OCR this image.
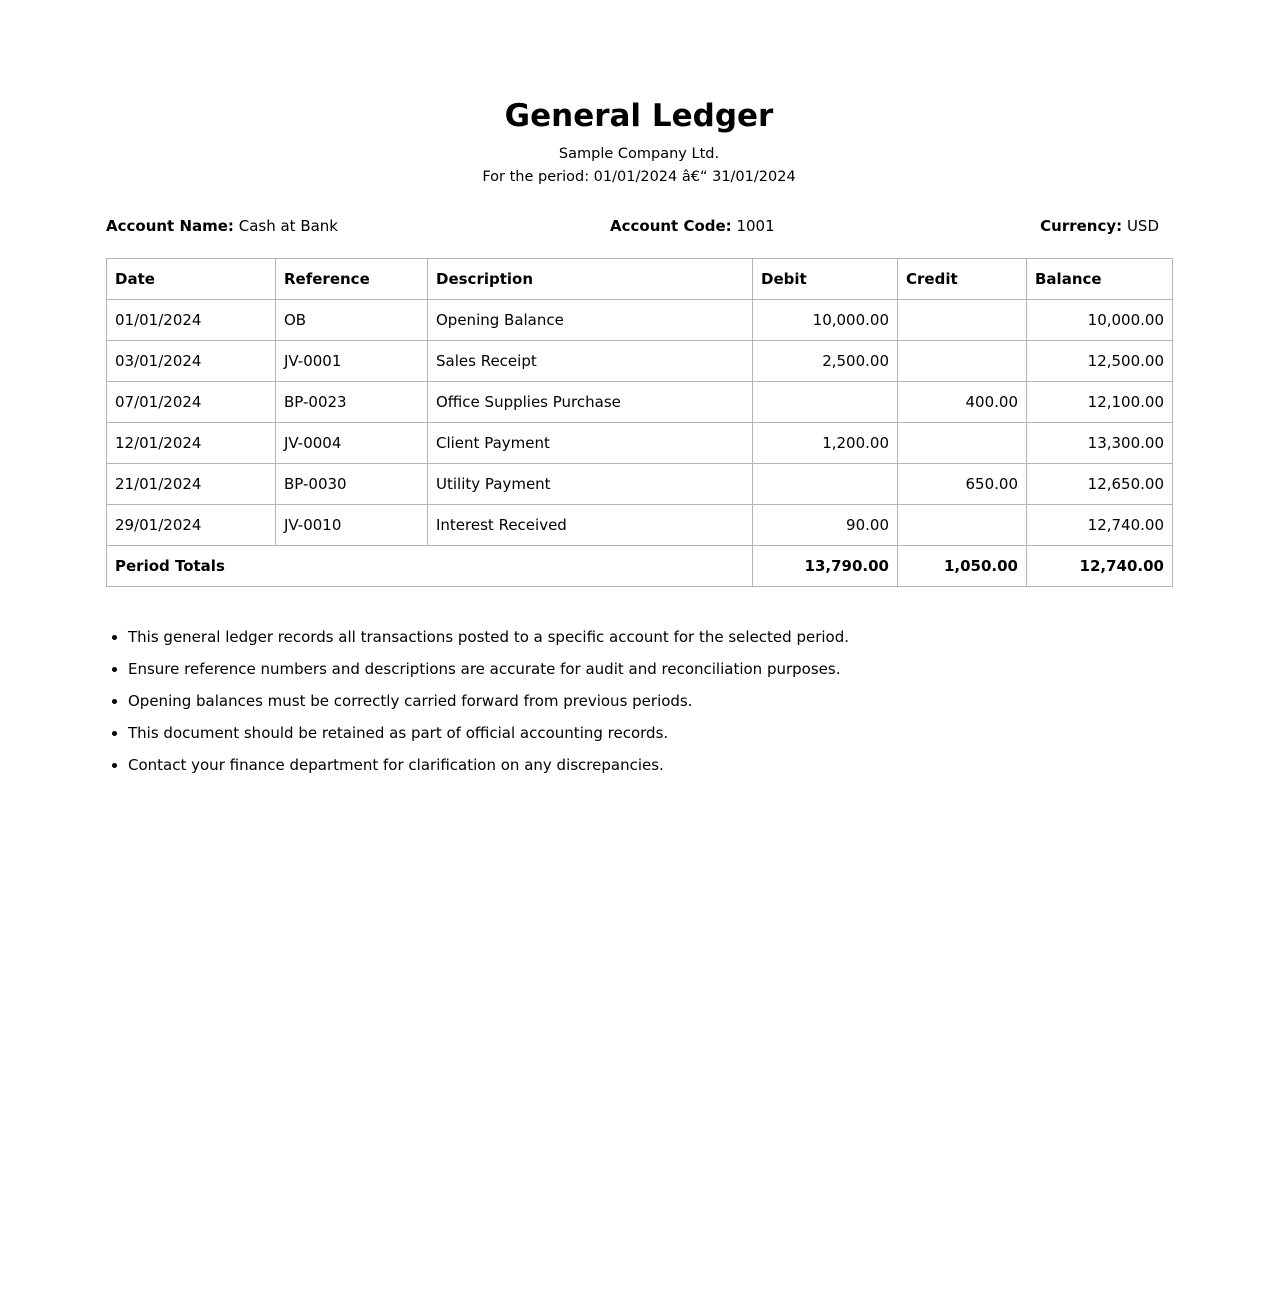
General Ledger
Sample Company Ltd.
For the period: 01/01/2024 â€“ 31/01/2024
Account Name: Cash at Bank	Account Code: 1001	Currency: USD
Date	Reference	Description	Debit	Credit	Balance
01/01/2024	OB	Opening Balance	10,000.00		10,000.00
03/01/2024	JV-0001	Sales Receipt	2,500.00		12,500.00
07/01/2024	BP-0023	Office Supplies Purchase		400.00	12,100.00
12/01/2024	JV-0004	Client Payment	1,200.00		13,300.00
21/01/2024	BP-0030	Utility Payment		650.00	12,650.00
29/01/2024	JV-0010	Interest Received	90.00		12,740.00
Period Totals			13,790.00	1,050.00	12,740.00
• This general ledger records all transactions posted to a specific account for the selected period.
• Ensure reference numbers and descriptions are accurate for audit and reconciliation purposes.
• Opening balances must be correctly carried forward from previous periods.
• This document should be retained as part of official accounting records.
• Contact your finance department for clarification on any discrepancies.
